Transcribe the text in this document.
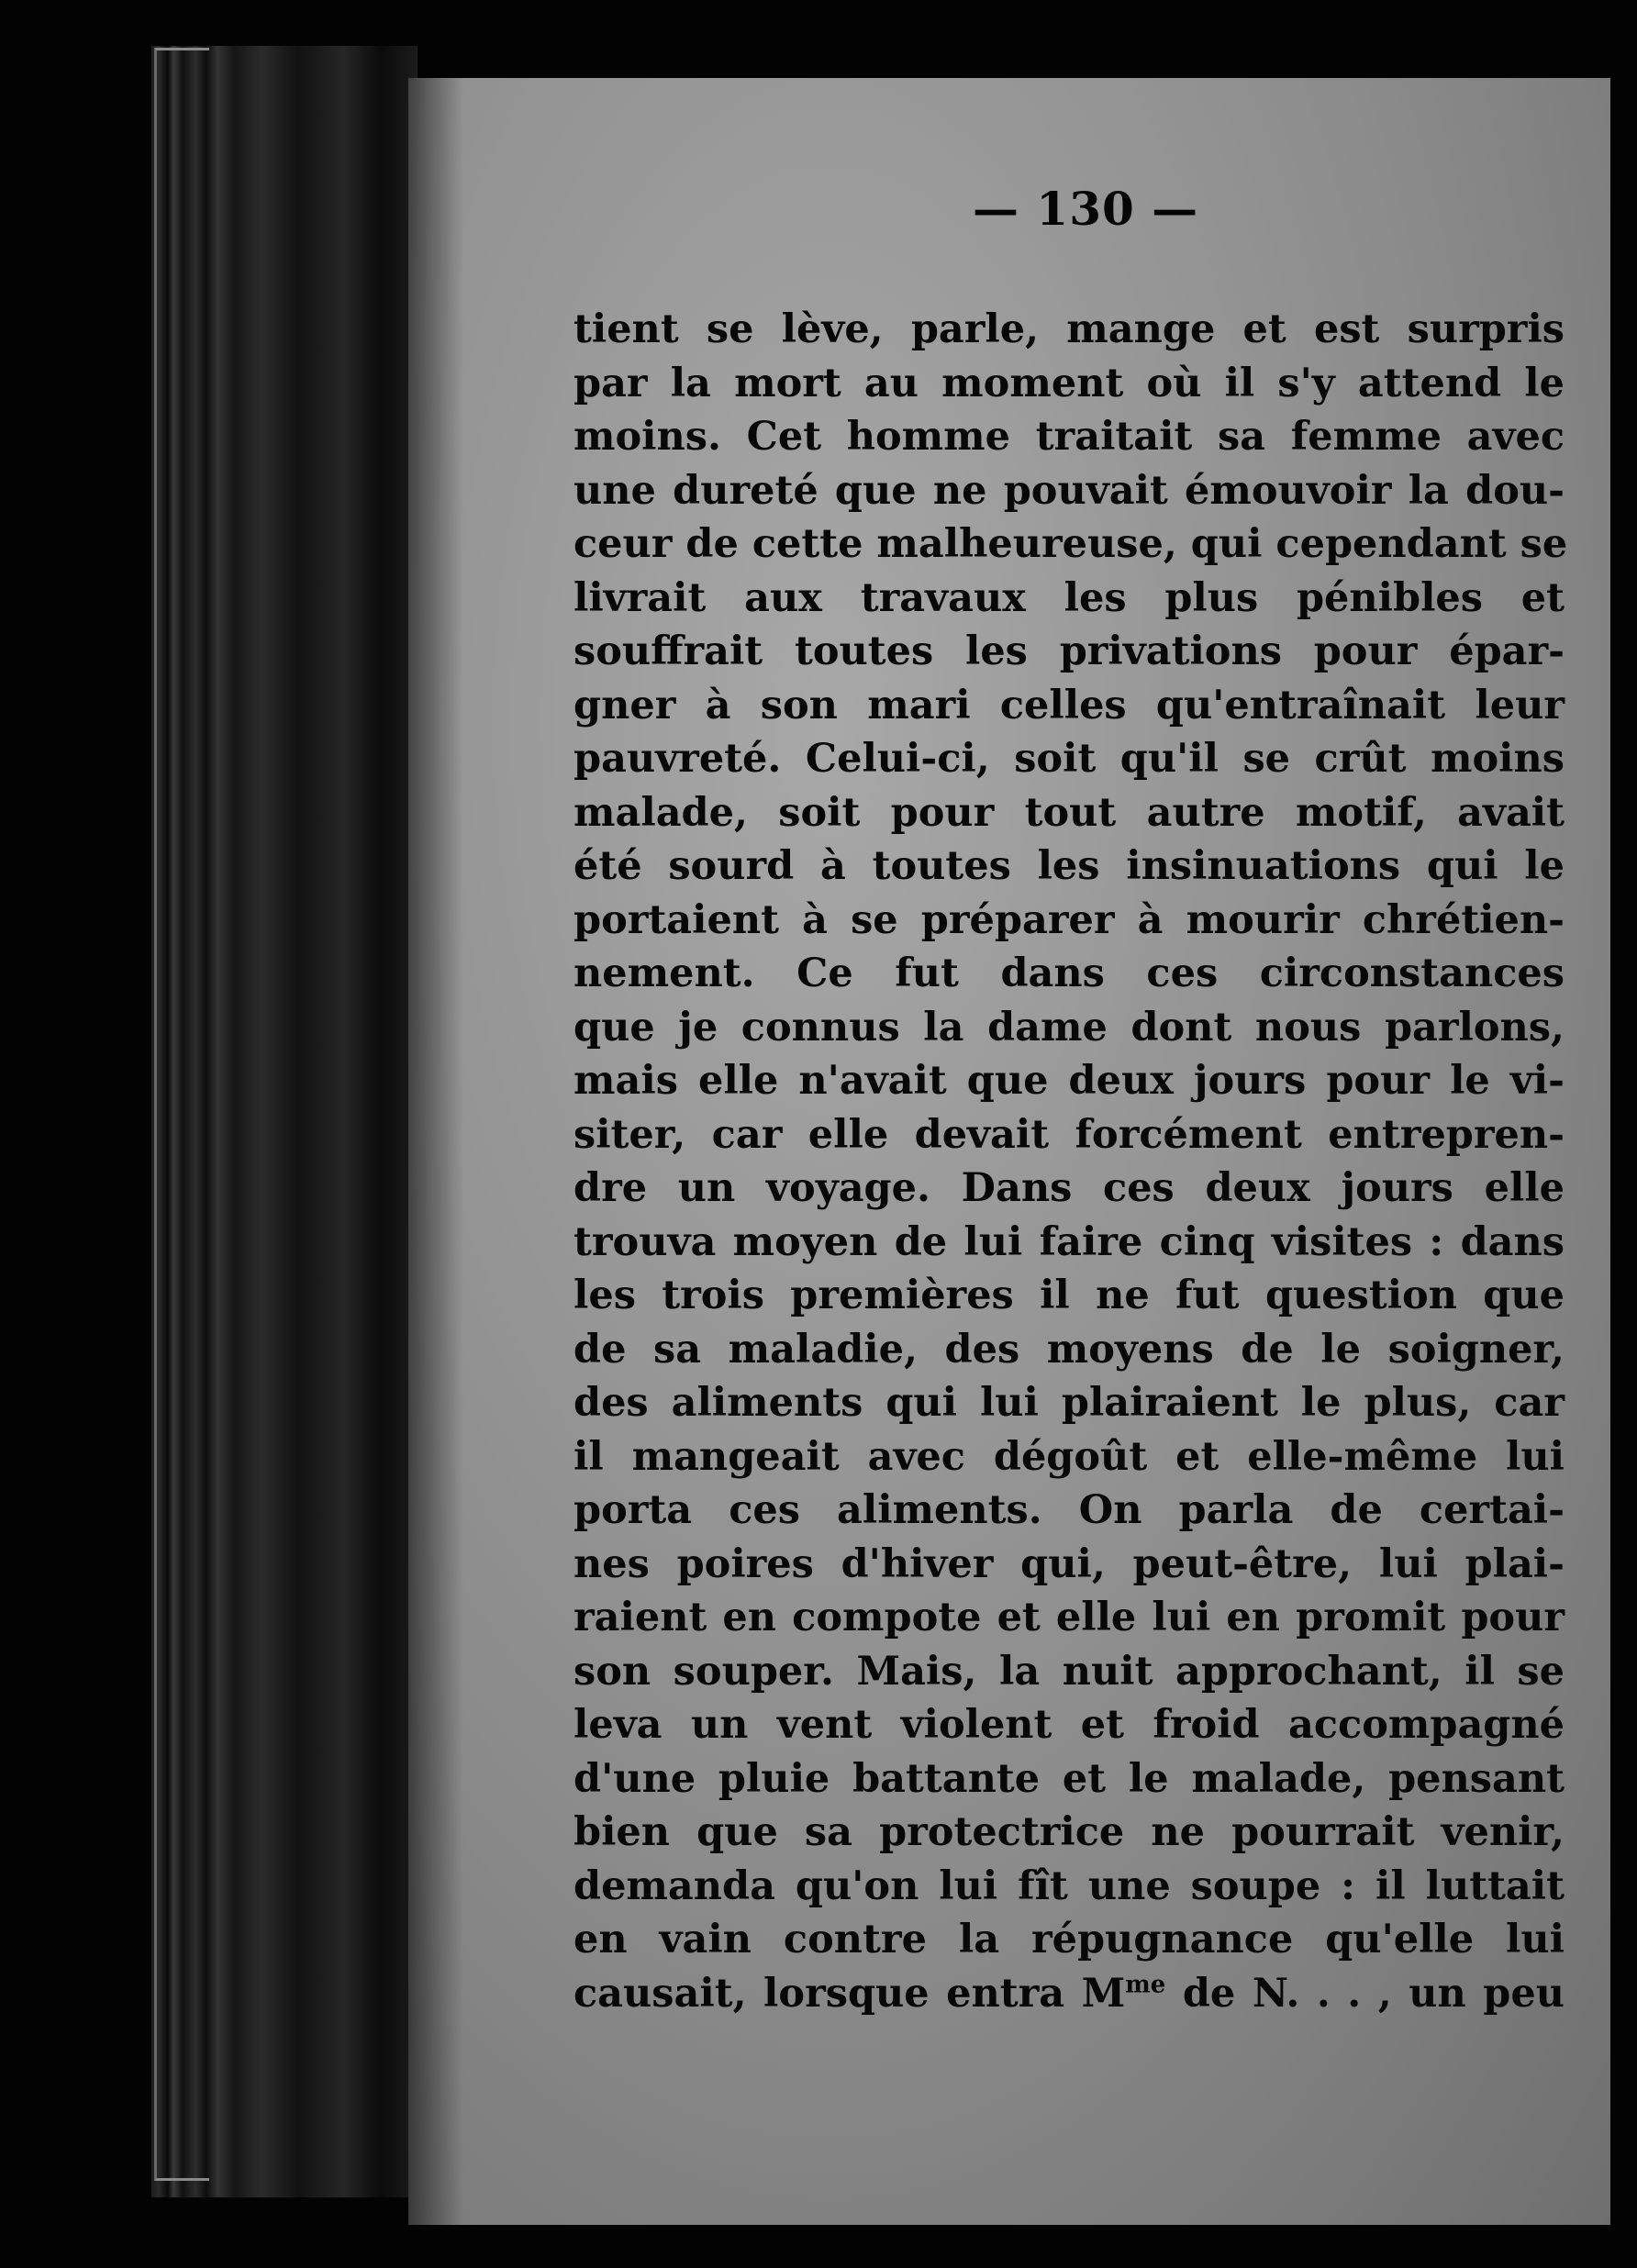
— 130 —
tient se lève, parle, mange et est surpris
par la mort au moment où il s'y attend le
moins. Cet homme traitait sa femme avec
une dureté que ne pouvait émouvoir la dou-
ceur de cette malheureuse, qui cependant se
livrait aux travaux les plus pénibles et
souffrait toutes les privations pour épar-
gner à son mari celles qu'entraînait leur
pauvreté. Celui-ci, soit qu'il se crût moins
malade, soit pour tout autre motif, avait
été sourd à toutes les insinuations qui le
portaient à se préparer à mourir chrétien-
nement. Ce fut dans ces circonstances
que je connus la dame dont nous parlons,
mais elle n'avait que deux jours pour le vi-
siter, car elle devait forcément entrepren-
dre un voyage. Dans ces deux jours elle
trouva moyen de lui faire cinq visites : dans
les trois premières il ne fut question que
de sa maladie, des moyens de le soigner,
des aliments qui lui plairaient le plus, car
il mangeait avec dégoût et elle-même lui
porta ces aliments. On parla de certai-
nes poires d'hiver qui, peut-être, lui plai-
raient en compote et elle lui en promit pour
son souper. Mais, la nuit approchant, il se
leva un vent violent et froid accompagné
d'une pluie battante et le malade, pensant
bien que sa protectrice ne pourrait venir,
demanda qu'on lui fît une soupe : il luttait
en vain contre la répugnance qu'elle lui
causait, lorsque entra $M^{me}$ de N. . . , un peu
